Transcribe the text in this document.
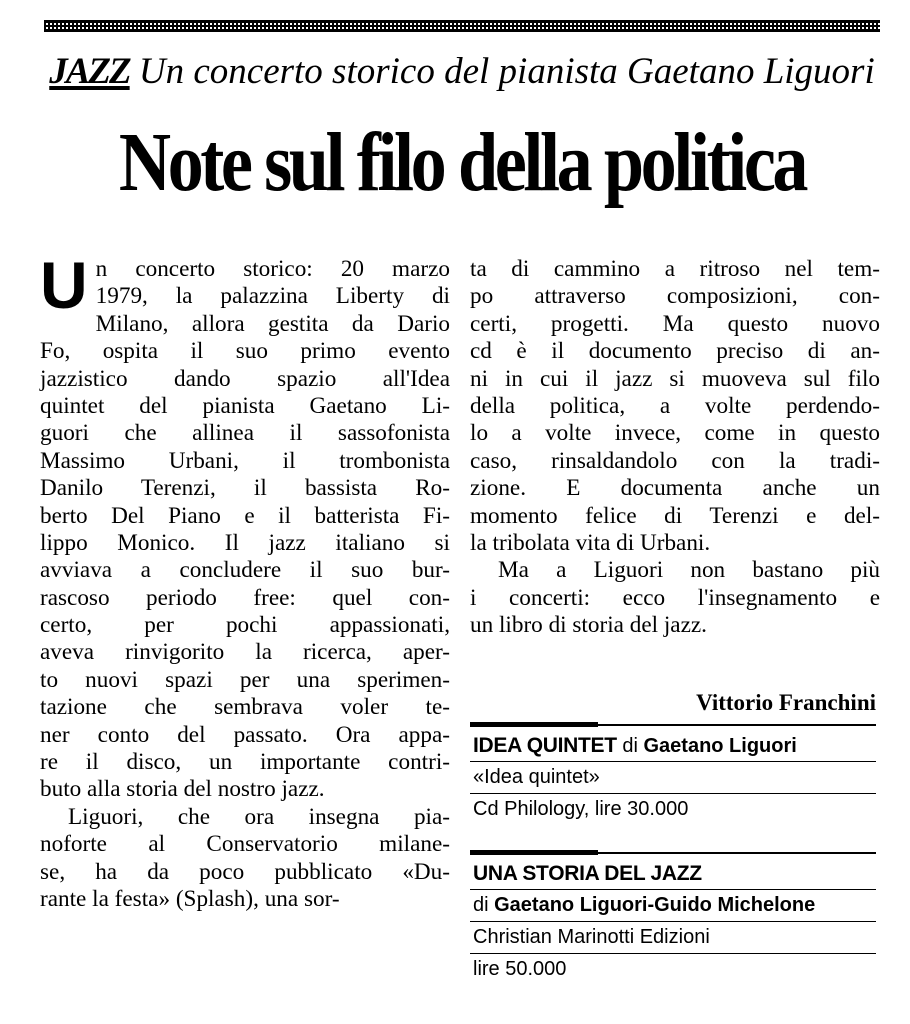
JAZZ Un concerto storico del pianista Gaetano Liguori
Note sul filo della politica
U n concerto storico: 20 marzo
1979, la palazzina Liberty di
Milano, allora gestita da Dario
Fo, ospita il suo primo evento
jazzistico dando spazio all'Idea
quintet del pianista Gaetano Li-
guori che allinea il sassofonista
Massimo Urbani, il trombonista
Danilo Terenzi, il bassista Ro-
berto Del Piano e il batterista Fi-
lippo Monico. Il jazz italiano si
avviava a concludere il suo bur-
rascoso periodo free: quel con-
certo, per pochi appassionati,
aveva rinvigorito la ricerca, aper-
to nuovi spazi per una sperimen-
tazione che sembrava voler te-
ner conto del passato. Ora appa-
re il disco, un importante contri-
buto alla storia del nostro jazz.
Liguori, che ora insegna pia-
noforte al Conservatorio milane-
se, ha da poco pubblicato «Du-
rante la festa» (Splash), una sor-
ta di cammino a ritroso nel tem-
po attraverso composizioni, con-
certi, progetti. Ma questo nuovo
cd è il documento preciso di an-
ni in cui il jazz si muoveva sul filo
della politica, a volte perdendo-
lo a volte invece, come in questo
caso, rinsaldandolo con la tradi-
zione. E documenta anche un
momento felice di Terenzi e del-
la tribolata vita di Urbani.
Ma a Liguori non bastano più
i concerti: ecco l'insegnamento e
un libro di storia del jazz.
Vittorio Franchini
IDEA QUINTET di Gaetano Liguori
«Idea quintet»
Cd Philology, lire 30.000
UNA STORIA DEL JAZZ
di Gaetano Liguori-Guido Michelone
Christian Marinotti Edizioni
lire 50.000
